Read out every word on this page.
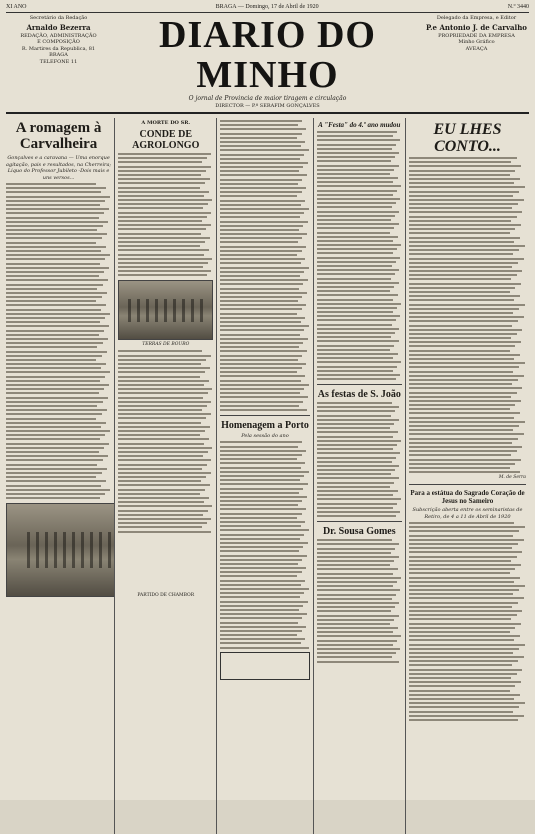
XI ANO	BRAGA — Domingo, 17 de Abril de 1920	N.º 3440
Secretário da Redação
Arnaldo Bezerra
REDAÇÃO, ADMINISTRAÇÃO
E COMPOSIÇÃO
R. Martires da Republica, 81
BRAGA
TELEFONE 11
DIARIO DO MINHO
O jornal de Provincia de maior tiragem e circulação
DIRECTOR — P.º SERAFIM GONÇALVES
Delegado da Empresa, e Editor
P.e Antonio J. de Carvalho
PROPRIEDADE DA EMPRESA
Minho Gráfico
AVEAÇA
A romagem à Carvalheira
Gonçalves e a caravana — Uma enorque agitação, pais e resultados, na Cherreira; Liquo do Professor Jubileto -Dois mais e uns versos...
A MORTE DO SR.
CONDE DE AGROLONGO
TERRAS DE BOURO
PARTIDO DE CHAMBOR
Homenagem a Porto
Pela sessão do ano
A "Festa" do 4.º ano mudou
As festas de S. João
Dr. Sousa Gomes
EU LHES CONTO...
M. de Serra
Para a estátua do Sagrado Coração de Jesus no Sameiro
Subscrição aberta entre os seminaristas de Retiro, de 4 a 11 de Abril de 1920
